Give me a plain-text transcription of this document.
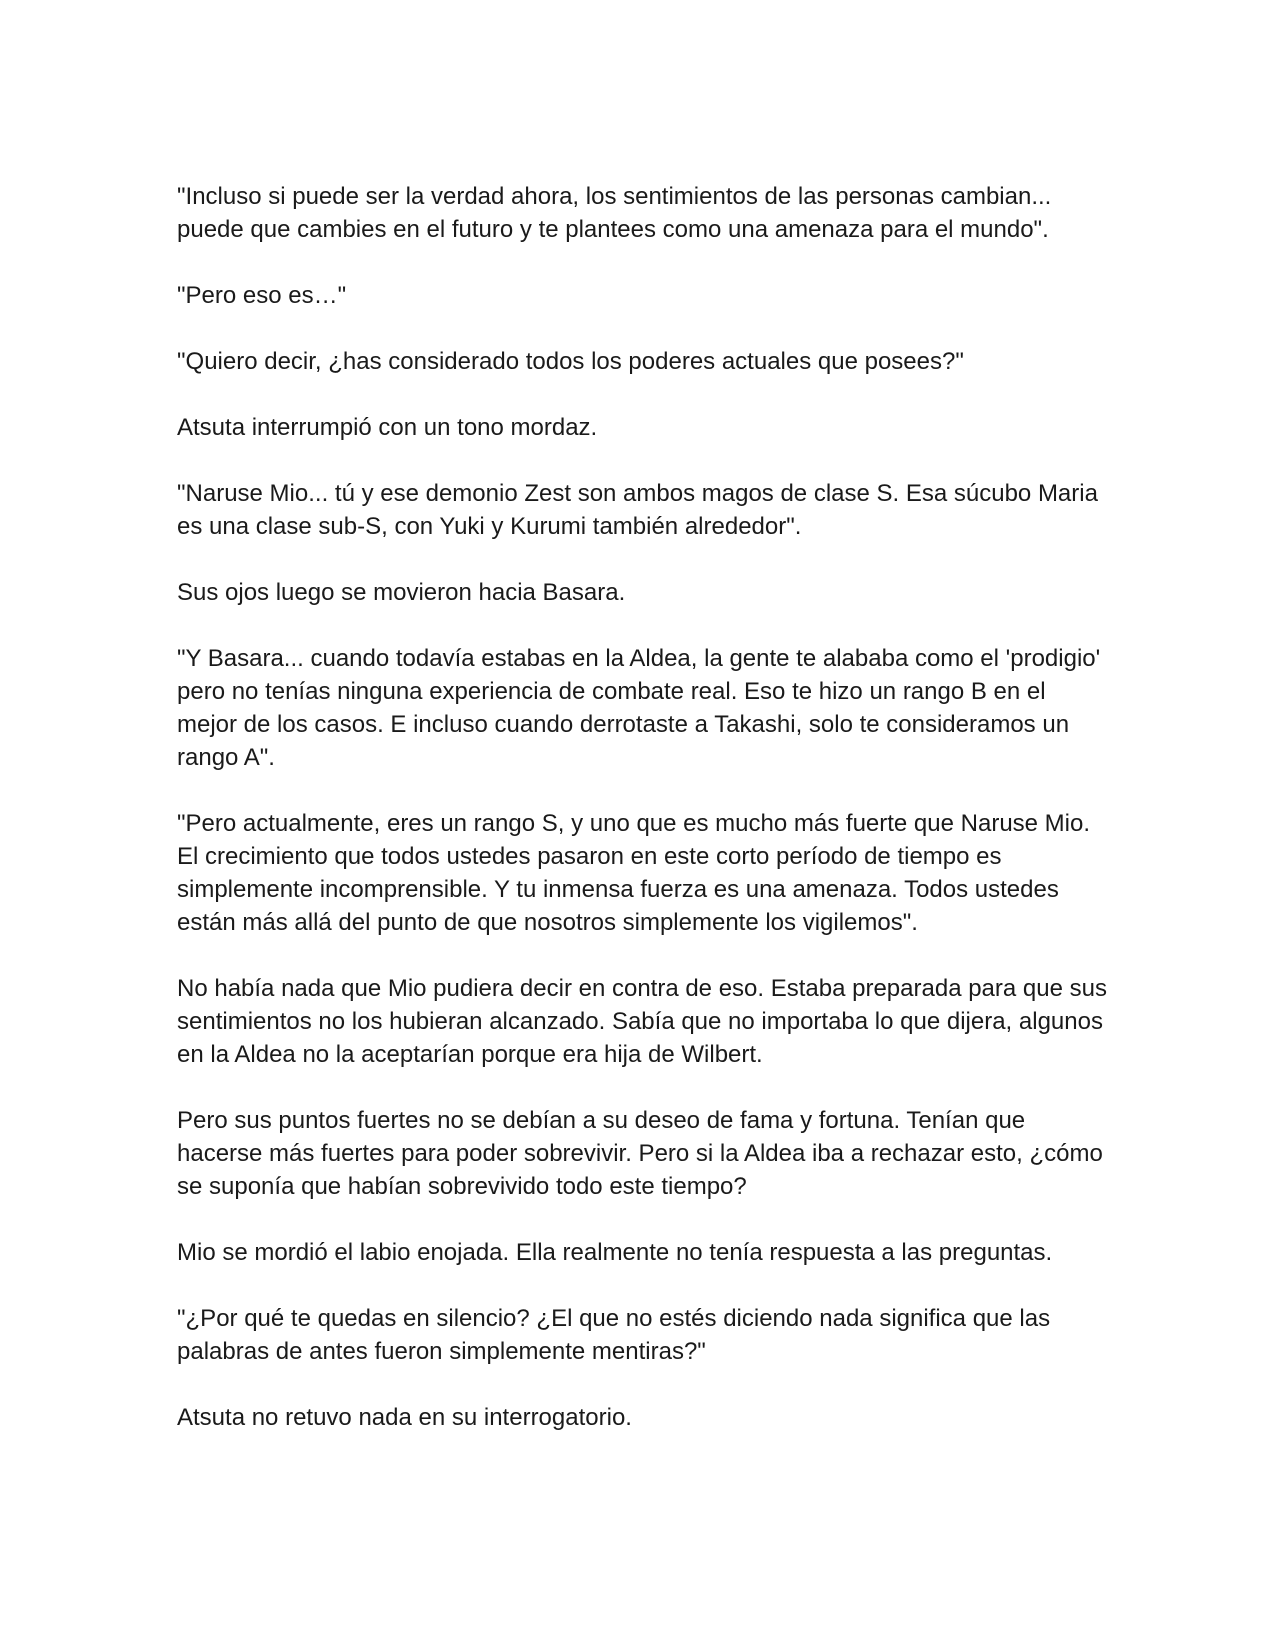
"Incluso si puede ser la verdad ahora, los sentimientos de las personas cambian... puede que cambies en el futuro y te plantees como una amenaza para el mundo".

"Pero eso es…"

"Quiero decir, ¿has considerado todos los poderes actuales que posees?"

Atsuta interrumpió con un tono mordaz.

"Naruse Mio... tú y ese demonio Zest son ambos magos de clase S. Esa súcubo Maria es una clase sub-S, con Yuki y Kurumi también alrededor".

Sus ojos luego se movieron hacia Basara.

"Y Basara... cuando todavía estabas en la Aldea, la gente te alababa como el 'prodigio' pero no tenías ninguna experiencia de combate real. Eso te hizo un rango B en el mejor de los casos. E incluso cuando derrotaste a Takashi, solo te consideramos un rango A".

"Pero actualmente, eres un rango S, y uno que es mucho más fuerte que Naruse Mio. El crecimiento que todos ustedes pasaron en este corto período de tiempo es simplemente incomprensible. Y tu inmensa fuerza es una amenaza. Todos ustedes están más allá del punto de que nosotros simplemente los vigilemos".

No había nada que Mio pudiera decir en contra de eso. Estaba preparada para que sus sentimientos no los hubieran alcanzado. Sabía que no importaba lo que dijera, algunos en la Aldea no la aceptarían porque era hija de Wilbert.

Pero sus puntos fuertes no se debían a su deseo de fama y fortuna. Tenían que hacerse más fuertes para poder sobrevivir. Pero si la Aldea iba a rechazar esto, ¿cómo se suponía que habían sobrevivido todo este tiempo?

Mio se mordió el labio enojada. Ella realmente no tenía respuesta a las preguntas.

"¿Por qué te quedas en silencio? ¿El que no estés diciendo nada significa que las palabras de antes fueron simplemente mentiras?"

Atsuta no retuvo nada en su interrogatorio.
